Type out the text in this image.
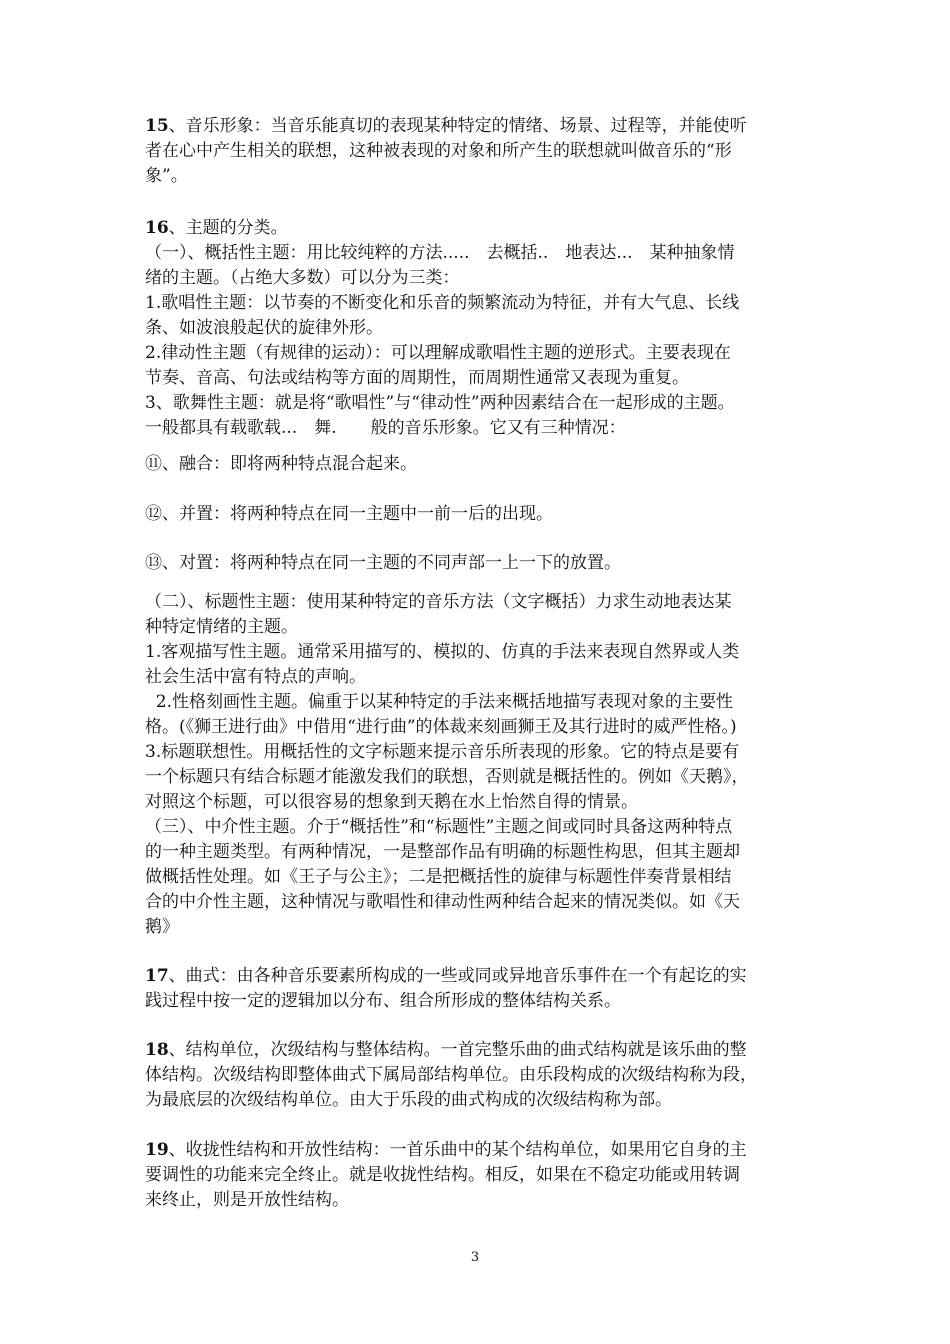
15、音乐形象：当音乐能真切的表现某种特定的情绪、场景、过程等，并能使听
者在心中产生相关的联想，这种被表现的对象和所产生的联想就叫做音乐的“形
象”。
16、主题的分类。
（一）、概括性主题：用比较纯粹的方法.....　去概括..　地表达...　某种抽象情
绪的主题。（占绝大多数）可以分为三类：
1.歌唱性主题：以节奏的不断变化和乐音的频繁流动为特征，并有大气息、长线
条、如波浪般起伏的旋律外形。
2.律动性主题（有规律的运动）：可以理解成歌唱性主题的逆形式。主要表现在
节奏、音高、句法或结构等方面的周期性，而周期性通常又表现为重复。
3、歌舞性主题：就是将“歌唱性”与“律动性”两种因素结合在一起形成的主题。
一般都具有载歌载...　舞.　　般的音乐形象。它又有三种情况：
⑪、融合：即将两种特点混合起来。
⑫、并置：将两种特点在同一主题中一前一后的出现。
⑬、对置：将两种特点在同一主题的不同声部一上一下的放置。
（二）、标题性主题：使用某种特定的音乐方法（文字概括）力求生动地表达某
种特定情绪的主题。
1.客观描写性主题。通常采用描写的、模拟的、仿真的手法来表现自然界或人类
社会生活中富有特点的声响。
2.性格刻画性主题。偏重于以某种特定的手法来概括地描写表现对象的主要性
格。(《狮王进行曲》中借用“进行曲”的体裁来刻画狮王及其行进时的威严性格。)
3.标题联想性。用概括性的文字标题来提示音乐所表现的形象。它的特点是要有
一个标题只有结合标题才能激发我们的联想，否则就是概括性的。例如《天鹅》，
对照这个标题，可以很容易的想象到天鹅在水上怡然自得的情景。
（三）、中介性主题。介于“概括性”和“标题性”主题之间或同时具备这两种特点
的一种主题类型。有两种情况，一是整部作品有明确的标题性构思，但其主题却
做概括性处理。如《王子与公主》；二是把概括性的旋律与标题性伴奏背景相结
合的中介性主题，这种情况与歌唱性和律动性两种结合起来的情况类似。如《天
鹅》
17、曲式：由各种音乐要素所构成的一些或同或异地音乐事件在一个有起讫的实
践过程中按一定的逻辑加以分布、组合所形成的整体结构关系。
18、结构单位，次级结构与整体结构。一首完整乐曲的曲式结构就是该乐曲的整
体结构。次级结构即整体曲式下属局部结构单位。由乐段构成的次级结构称为段，
为最底层的次级结构单位。由大于乐段的曲式构成的次级结构称为部。
19、收拢性结构和开放性结构：一首乐曲中的某个结构单位，如果用它自身的主
要调性的功能来完全终止。就是收拢性结构。相反，如果在不稳定功能或用转调
来终止，则是开放性结构。
3
